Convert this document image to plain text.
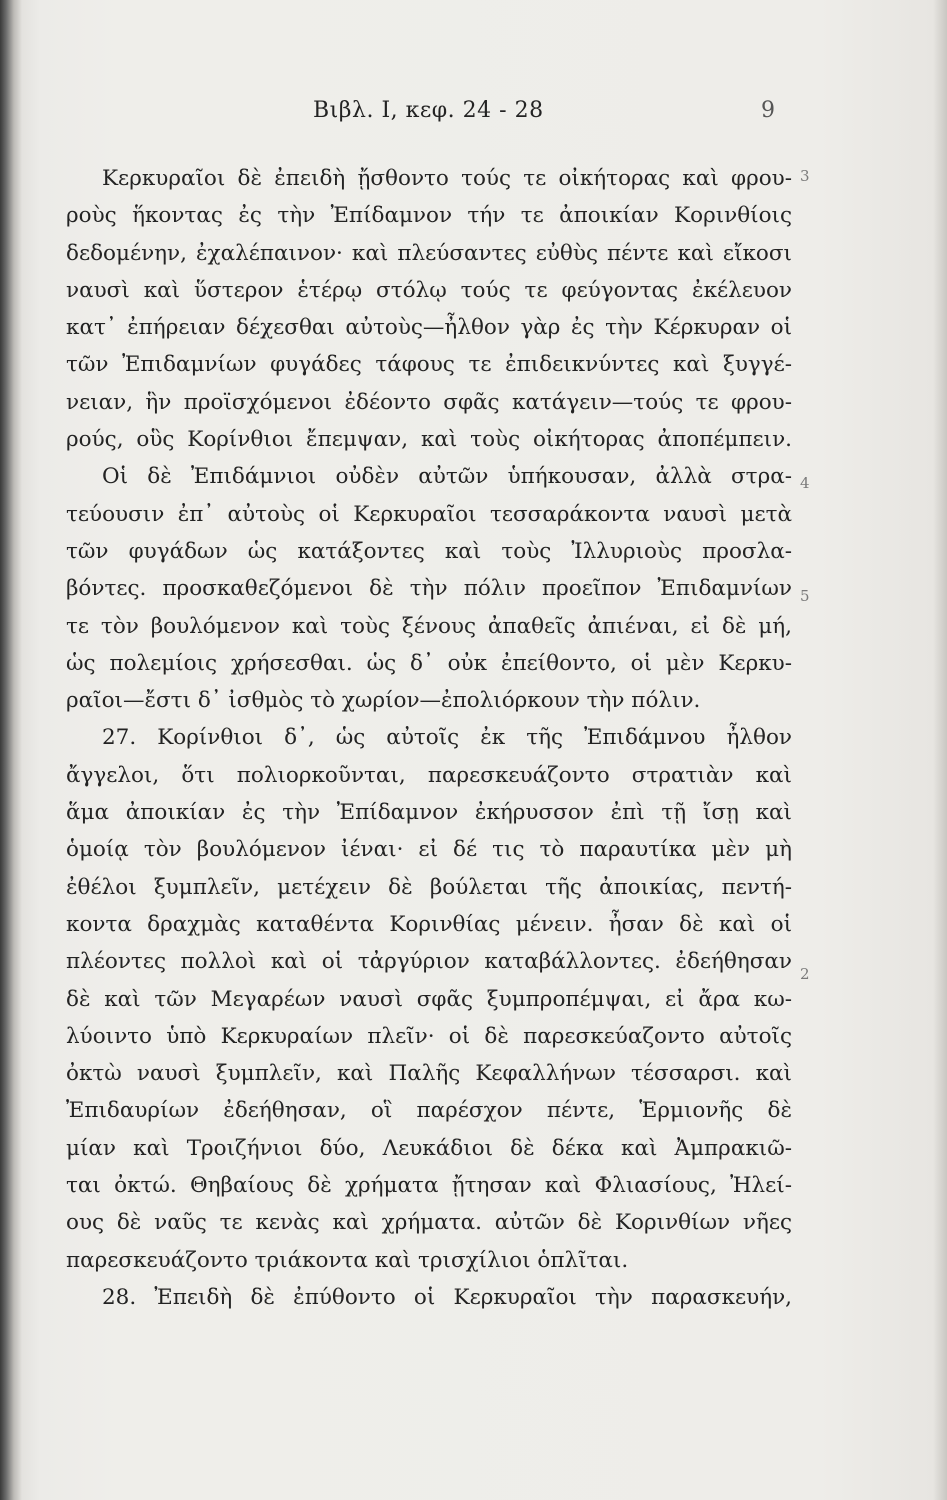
Βιβλ. Ι, κεφ. 24 - 28	9
Κερκυραῖοι δὲ ἐπειδὴ ᾔσθοντο τούς τε οἰκήτορας καὶ φρου-
ροὺς ἥκοντας ἐς τὴν Ἐπίδαμνον τήν τε ἀποικίαν Κορινθίοις
δεδομένην, ἐχαλέπαινον· καὶ πλεύσαντες εὐθὺς πέντε καὶ εἴκοσι
ναυσὶ καὶ ὕστερον ἑτέρῳ στόλῳ τούς τε φεύγοντας ἐκέλευον
κατ᾽ ἐπήρειαν δέχεσθαι αὐτοὺς—ἦλθον γὰρ ἐς τὴν Κέρκυραν οἱ
τῶν Ἐπιδαμνίων φυγάδες τάφους τε ἐπιδεικνύντες καὶ ξυγγέ-
νειαν, ἣν προϊσχόμενοι ἐδέοντο σφᾶς κατάγειν—τούς τε φρου-
ρούς, οὓς Κορίνθιοι ἔπεμψαν, καὶ τοὺς οἰκήτορας ἀποπέμπειν.
Οἱ δὲ Ἐπιδάμνιοι οὐδὲν αὐτῶν ὑπήκουσαν, ἀλλὰ στρα-
τεύουσιν ἐπ᾽ αὐτοὺς οἱ Κερκυραῖοι τεσσαράκοντα ναυσὶ μετὰ
τῶν φυγάδων ὡς κατάξοντες καὶ τοὺς Ἰλλυριοὺς προσλα-
βόντες. προσκαθεζόμενοι δὲ τὴν πόλιν προεῖπον Ἐπιδαμνίων
τε τὸν βουλόμενον καὶ τοὺς ξένους ἀπαθεῖς ἀπιέναι, εἰ δὲ μή,
ὡς πολεμίοις χρήσεσθαι. ὡς δ᾽ οὐκ ἐπείθοντο, οἱ μὲν Κερκυ-
ραῖοι—ἔστι δ᾽ ἰσθμὸς τὸ χωρίον—ἐπολιόρκουν τὴν πόλιν.
27. Κορίνθιοι δ᾽, ὡς αὐτοῖς ἐκ τῆς Ἐπιδάμνου ἦλθον
ἄγγελοι, ὅτι πολιορκοῦνται, παρεσκευάζοντο στρατιὰν καὶ
ἅμα ἀποικίαν ἐς τὴν Ἐπίδαμνον ἐκήρυσσον ἐπὶ τῇ ἴσῃ καὶ
ὁμοίᾳ τὸν βουλόμενον ἰέναι· εἰ δέ τις τὸ παραυτίκα μὲν μὴ
ἐθέλοι ξυμπλεῖν, μετέχειν δὲ βούλεται τῆς ἀποικίας, πεντή-
κοντα δραχμὰς καταθέντα Κορινθίας μένειν. ἦσαν δὲ καὶ οἱ
πλέοντες πολλοὶ καὶ οἱ τἀργύριον καταβάλλοντες. ἐδεήθησαν
δὲ καὶ τῶν Μεγαρέων ναυσὶ σφᾶς ξυμπροπέμψαι, εἰ ἄρα κω-
λύοιντο ὑπὸ Κερκυραίων πλεῖν· οἱ δὲ παρεσκεύαζοντο αὐτοῖς
ὀκτὼ ναυσὶ ξυμπλεῖν, καὶ Παλῆς Κεφαλλήνων τέσσαρσι. καὶ
Ἐπιδαυρίων ἐδεήθησαν, οἳ παρέσχον πέντε, Ἑρμιονῆς δὲ
μίαν καὶ Τροιζήνιοι δύο, Λευκάδιοι δὲ δέκα καὶ Ἀμπρακιῶ-
ται ὀκτώ. Θηβαίους δὲ χρήματα ᾔτησαν καὶ Φλιασίους, Ἠλεί-
ους δὲ ναῦς τε κενὰς καὶ χρήματα. αὐτῶν δὲ Κορινθίων νῆες
παρεσκευάζοντο τριάκοντα καὶ τρισχίλιοι ὁπλῖται.
28. Ἐπειδὴ δὲ ἐπύθοντο οἱ Κερκυραῖοι τὴν παρασκευήν,
3
4
5
2
